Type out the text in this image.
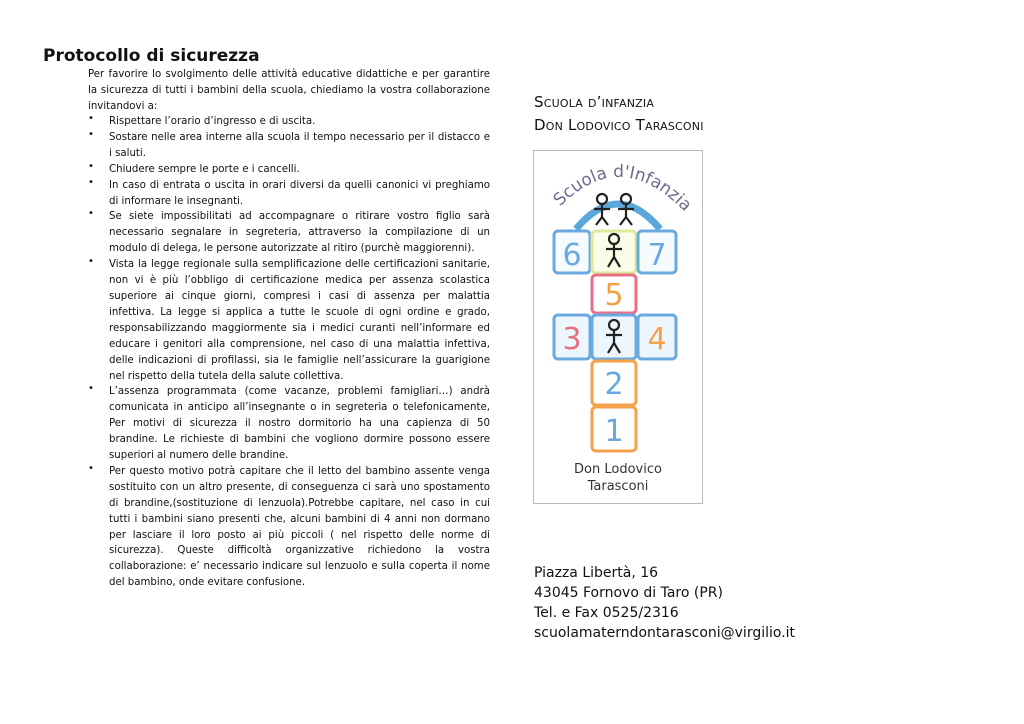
Protocollo di sicurezza
Per favorire lo svolgimento delle attività educative didattiche e per garantire la sicurezza di tutti i bambini della scuola, chiediamo la vostra collaborazione invitandovi a:
• Rispettare l’orario d’ingresso e di uscita.
• Sostare nelle area interne alla scuola il tempo necessario per il distacco e i saluti.
• Chiudere sempre le porte e i cancelli.
• In caso di entrata o uscita in orari diversi da quelli canonici vi preghiamo di informare le insegnanti.
• Se siete impossibilitati ad accompagnare o ritirare vostro figlio sarà necessario segnalare in segreteria, attraverso la compilazione di un modulo di delega, le persone autorizzate al ritiro (purchè maggiorenni).
• Vista la legge regionale sulla semplificazione delle certificazioni sanitarie, non vi è più l’obbligo di certificazione medica per assenza scolastica superiore ai cinque giorni, compresi i casi di assenza per malattia infettiva. La legge si applica a tutte le scuole di ogni ordine e grado, responsabilizzando maggiormente sia i medici curanti nell’informare ed educare i genitori alla comprensione, nel caso di una malattia infettiva, delle indicazioni di profilassi, sia le famiglie nell’assicurare la guarigione nel rispetto della tutela della salute collettiva.
• L’assenza programmata (come vacanze, problemi famigliari…) andrà comunicata in anticipo all’insegnante o in segreteria o telefonicamente, Per motivi di sicurezza il nostro dormitorio ha una capienza di 50 brandine. Le richieste di bambini che vogliono dormire possono essere superiori al numero delle brandine.
• Per questo motivo potrà capitare che il letto del bambino assente venga sostituito con un altro presente, di conseguenza ci sarà uno spostamento di brandine,(sostituzione di lenzuola).Potrebbe capitare, nel caso in cui tutti i bambini siano presenti che, alcuni bambini di 4 anni non dormano per lasciare il loro posto ai più piccoli ( nel rispetto delle norme di sicurezza). Queste difficoltà organizzative richiedono la vostra collaborazione: e’ necessario indicare sul lenzuolo e sulla coperta il nome del bambino, onde evitare confusione.
Scuola d’infanzia
Don Lodovico Tarasconi
Scuola d'Infanzia
6 7
5
3 4
2
1
Don Lodovico
Tarasconi
Piazza Libertà, 16
43045 Fornovo di Taro (PR)
Tel. e Fax 0525/2316
scuolamaterndontarasconi@virgilio.it
